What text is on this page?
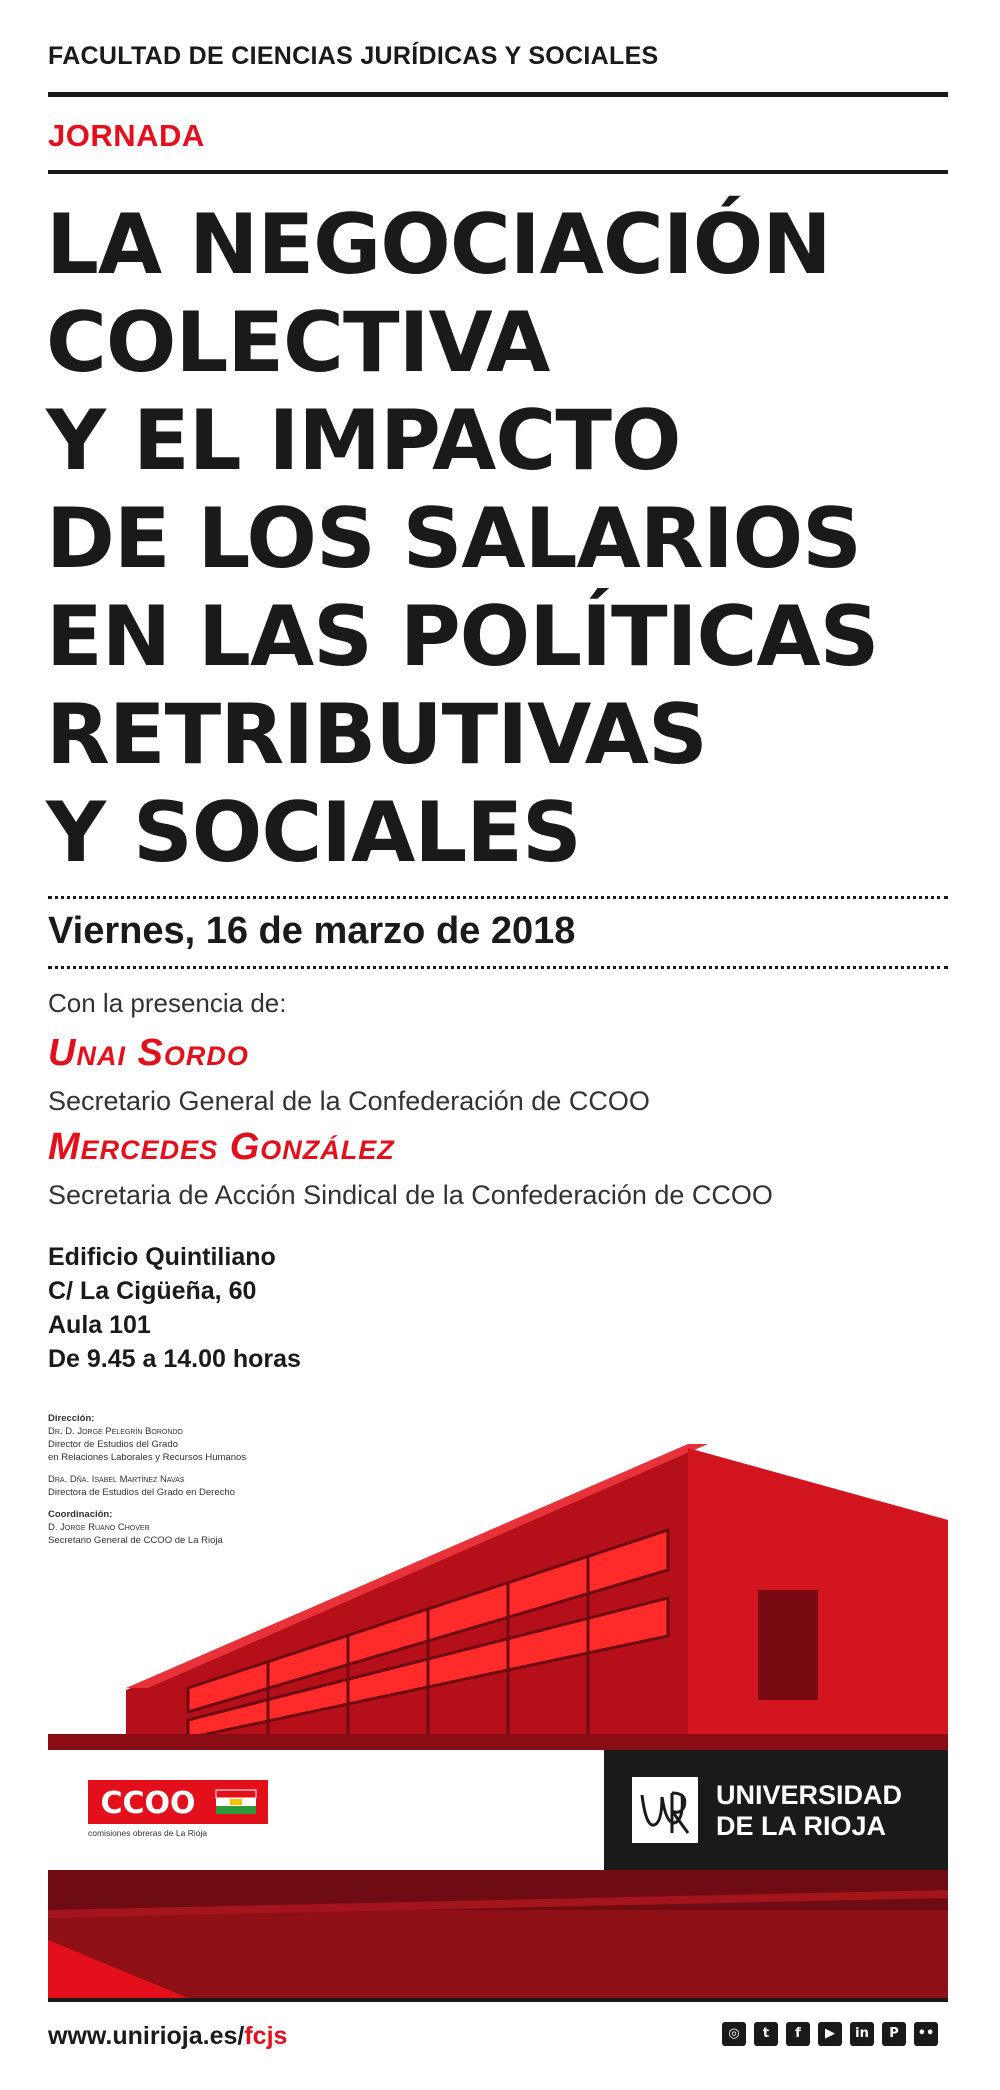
FACULTAD DE CIENCIAS JURÍDICAS Y SOCIALES
JORNADA
LA NEGOCIACIÓN
COLECTIVA
Y EL IMPACTO
DE LOS SALARIOS
EN LAS POLÍTICAS
RETRIBUTIVAS
Y SOCIALES
Viernes, 16 de marzo de 2018
Con la presencia de:
Unai Sordo
Secretario General de la Confederación de CCOO
Mercedes González
Secretaria de Acción Sindical de la Confederación de CCOO
Edificio Quintiliano
C/ La Cigüeña, 60
Aula 101
De 9.45 a 14.00 horas
Dirección:
Dr. D. Jorge Pelegrín Borondo
Director de Estudios del Grado
en Relaciones Laborales y Recursos Humanos
Dra. Dña. Isabel Martínez Navas
Directora de Estudios del Grado en Derecho
Coordinación:
D. Jorge Ruano Chover
Secretario General de CCOO de La Rioja
CCOO
comisiones obreras de La Rioja
UNIVERSIDAD
DE LA RIOJA
www.unirioja.es/fcjs	◎	t	f	▶	in	P	••
